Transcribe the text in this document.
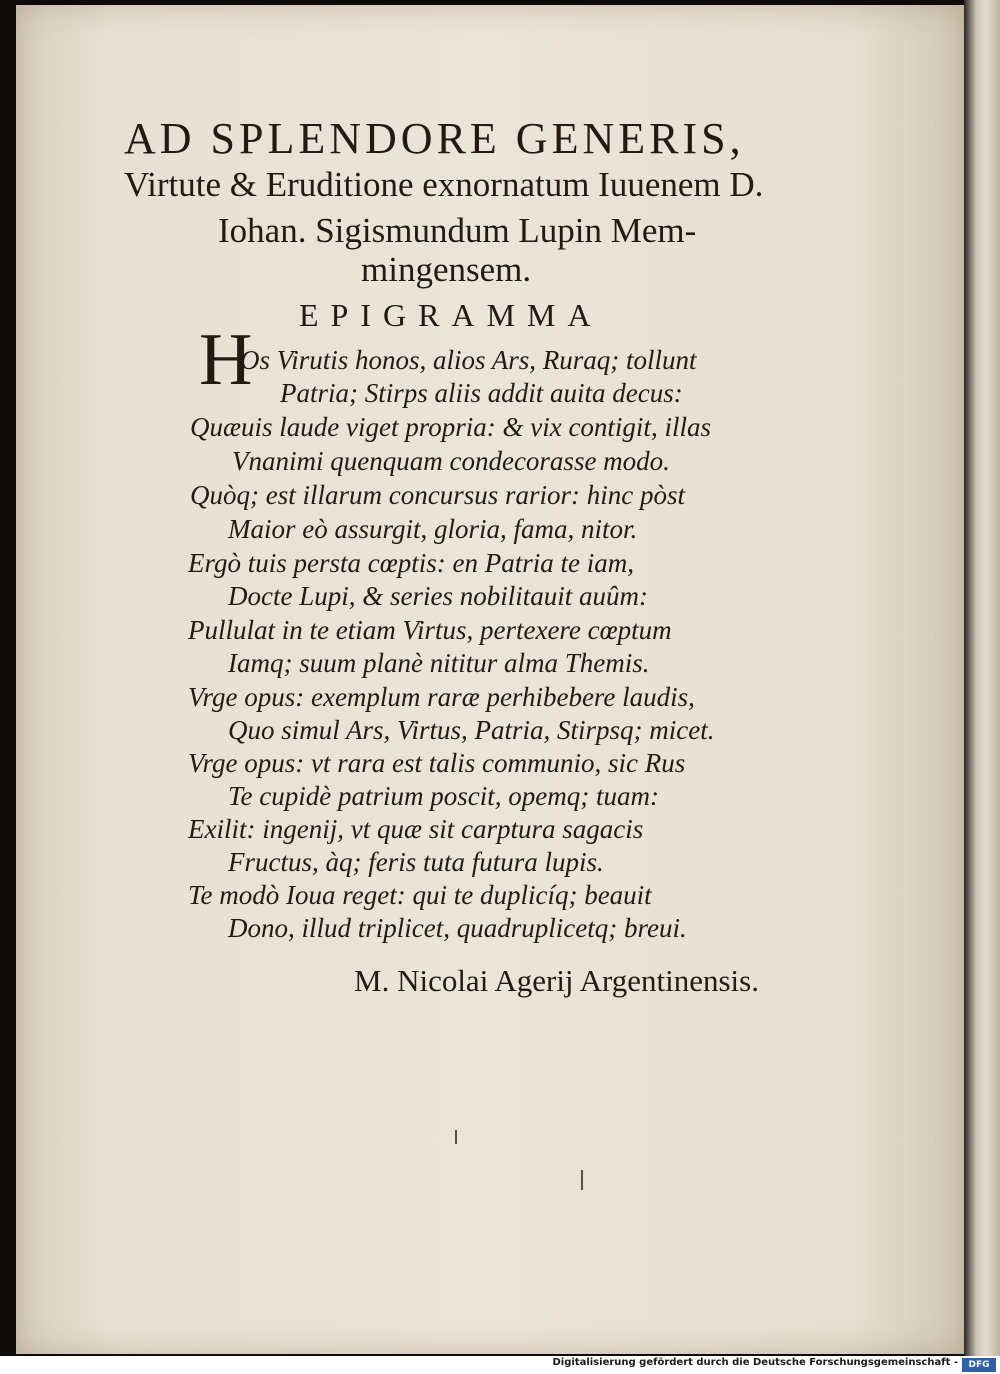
AD SPLENDORE GENERIS,
Virtute & Eruditione exnornatum Iuuenem D.
Iohan. Sigismundum Lupin Mem-
mingensem.
EPIGRAMMA
H
Os Virutis honos, alios Ars, Ruraq; tollunt
Patria; Stirps aliis addit auita decus:
Quæuis laude viget propria: & vix contigit, illas
Vnanimi quenquam condecorasse modo.
Quòq; est illarum concursus rarior: hinc pòst
Maior eò assurgit, gloria, fama, nitor.
Ergò tuis persta cœptis: en Patria te iam,
Docte Lupi, & series nobilitauit auûm:
Pullulat in te etiam Virtus, pertexere cœptum
Iamq; suum planè nititur alma Themis.
Vrge opus: exemplum raræ perhibebere laudis,
Quo simul Ars, Virtus, Patria, Stirpsq; micet.
Vrge opus: vt rara est talis communio, sic Rus
Te cupidè patrium poscit, opemq; tuam:
Exilit: ingenij, vt quæ sit carptura sagacis
Fructus, àq; feris tuta futura lupis.
Te modò Ioua reget: qui te duplicíq; beauit
Dono, illud triplicet, quadruplicetq; breui.
M. Nicolai Agerij Argentinensis.
Digitalisierung gefördert durch die Deutsche Forschungsgemeinschaft -	DFG
